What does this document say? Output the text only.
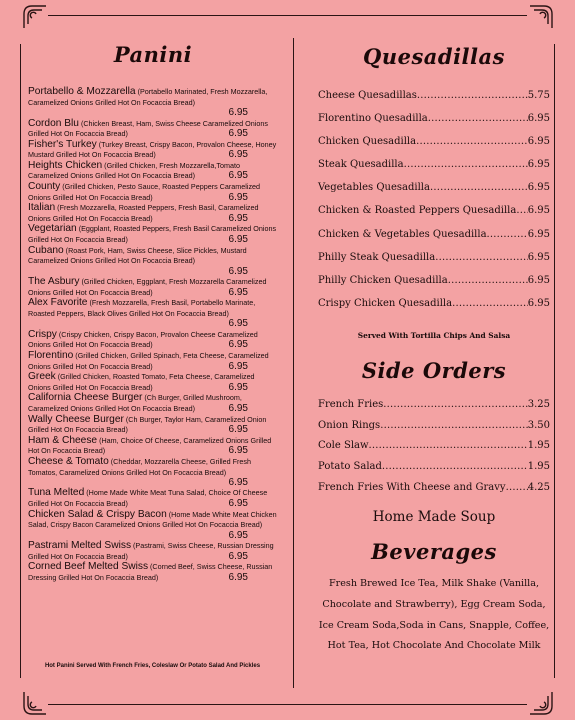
Panini
Portabello & Mozzarella (Portabello Marinated, Fresh Mozzarella, Caramelized Onions Grilled Hot On Focaccia Bread)
6.95
Cordon Blu (Chicken Breast, Ham, Swiss Cheese Caramelized Onions Grilled Hot On Focaccia Bread)	6.95
Fisher's Turkey (Turkey Breast, Crispy Bacon, Provalon Cheese, Honey Mustard Grilled Hot On Focaccia Bread)	6.95
Heights Chicken (Grilled Chicken, Fresh Mozzarella,Tomato Caramelized Onions Grilled Hot On Focaccia Bread)	6.95
County (Grilled Chicken, Pesto Sauce, Roasted Peppers Caramelized Onions Grilled Hot On Focaccia Bread)	6.95
Italian (Fresh Mozzarella, Roasted Peppers, Fresh Basil, Caramelized Onions Grilled Hot On Focaccia Bread)	6.95
Vegetarian (Eggplant, Roasted Peppers, Fresh Basil Caramelized Onions Grilled Hot On Focaccia Bread)	6.95
Cubano (Roast Pork, Ham, Swiss Cheese, Slice Pickles, Mustard Caramelized Onions Grilled Hot On Focaccia Bread)
6.95
The Asbury (Grilled Chicken, Eggplant, Fresh Mozzarella Caramelized Onions Grilled Hot On Focaccia Bread)	6.95
Alex Favorite (Fresh Mozzarella, Fresh Basil, Portabello Marinate, Roasted Peppers, Black Olives Grilled Hot On Focaccia Bread)
6.95
Crispy (Crispy Chicken, Crispy Bacon, Provalon Cheese Caramelized Onions Grilled Hot On Focaccia Bread)	6.95
Florentino (Grilled Chicken, Grilled Spinach, Feta Cheese, Caramelized Onions Grilled Hot On Focaccia Bread)	6.95
Greek (Grilled Chicken, Roasted Tomato, Feta Cheese, Caramelized Onions Grilled Hot On Focaccia Bread)	6.95
California Cheese Burger (Ch Burger, Grilled Mushroom, Caramelized Onions Grilled Hot On Focaccia Bread)	6.95
Wally Cheese Burger (Ch Burger, Taylor Ham, Caramelized Onion Grilled Hot On Focaccia Bread)	6.95
Ham & Cheese (Ham, Choice Of Cheese, Caramelized Onions Grilled Hot On Focaccia Bread)	6.95
Cheese & Tomato (Cheddar, Mozzarella Cheese, Grilled Fresh Tomatos, Caramelized Onions Grilled Hot On Focaccia Bread)
6.95
Tuna Melted (Home Made White Meat Tuna Salad, Choice Of Cheese Grilled Hot On Focaccia Bread)	6.95
Chicken Salad & Crispy Bacon (Home Made White Meat Chicken Salad, Crispy Bacon Caramelized Onions Grilled Hot On Focaccia Bread)
6.95
Pastrami Melted Swiss (Pastrami, Swiss Cheese, Russian Dressing Grilled Hot On Focaccia Bread)	6.95
Corned Beef Melted Swiss (Corned Beef, Swiss Cheese, Russian Dressing Grilled Hot On Focaccia Bread)	6.95
Hot Panini Served With French Fries, Coleslaw Or Potato Salad And Pickles
Quesadillas
Cheese Quesadillas .....	5.75
Florentino Quesadilla .....	6.95
Chicken Quesadilla .....	6.95
Steak Quesadilla .....	6.95
Vegetables Quesadilla .....	6.95
Chicken & Roasted Peppers Quesadilla ..... 6.95
Chicken & Vegetables Quesadilla .....	6.95
Philly Steak Quesadilla .....	6.95
Philly Chicken Quesadilla .....	6.95
Crispy Chicken Quesadilla .....	6.95
Served With Tortilla Chips And Salsa
Side Orders
French Fries .....	3.25
Onion Rings .....	3.50
Cole Slaw .....	1.95
Potato Salad .....	1.95
French Fries With Cheese and Gravy ..... 4.25
Home Made Soup
Beverages
Fresh Brewed Ice Tea, Milk Shake (Vanilla,
Chocolate and Strawberry), Egg Cream Soda,
Ice Cream Soda,Soda in Cans, Snapple, Coffee,
Hot Tea, Hot Chocolate And Chocolate Milk
